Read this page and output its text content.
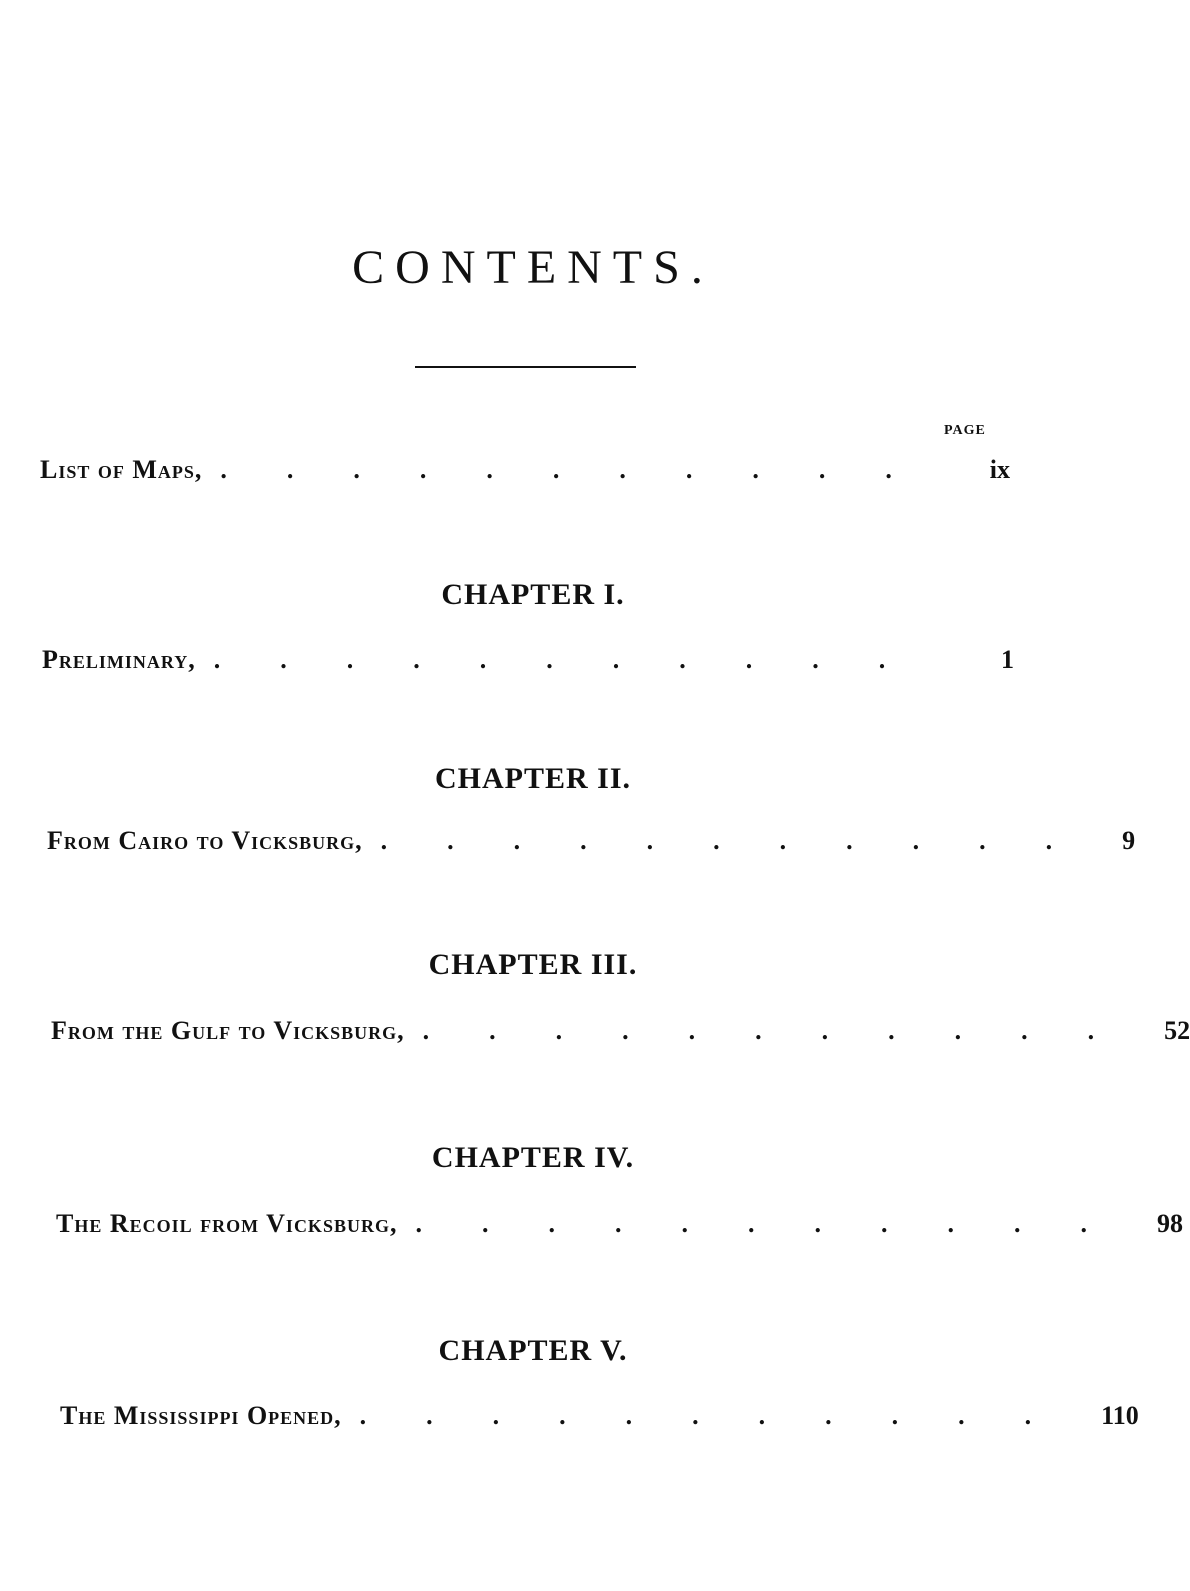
CONTENTS.
PAGE
List of Maps, ...........	ix
CHAPTER I.
Preliminary, ...........	1
CHAPTER II.
From Cairo to Vicksburg, ........... 9
CHAPTER III.
From the Gulf to Vicksburg, ........... 52
CHAPTER IV.
The Recoil from Vicksburg, ........... 98
CHAPTER V.
The Mississippi Opened, ........... 110
